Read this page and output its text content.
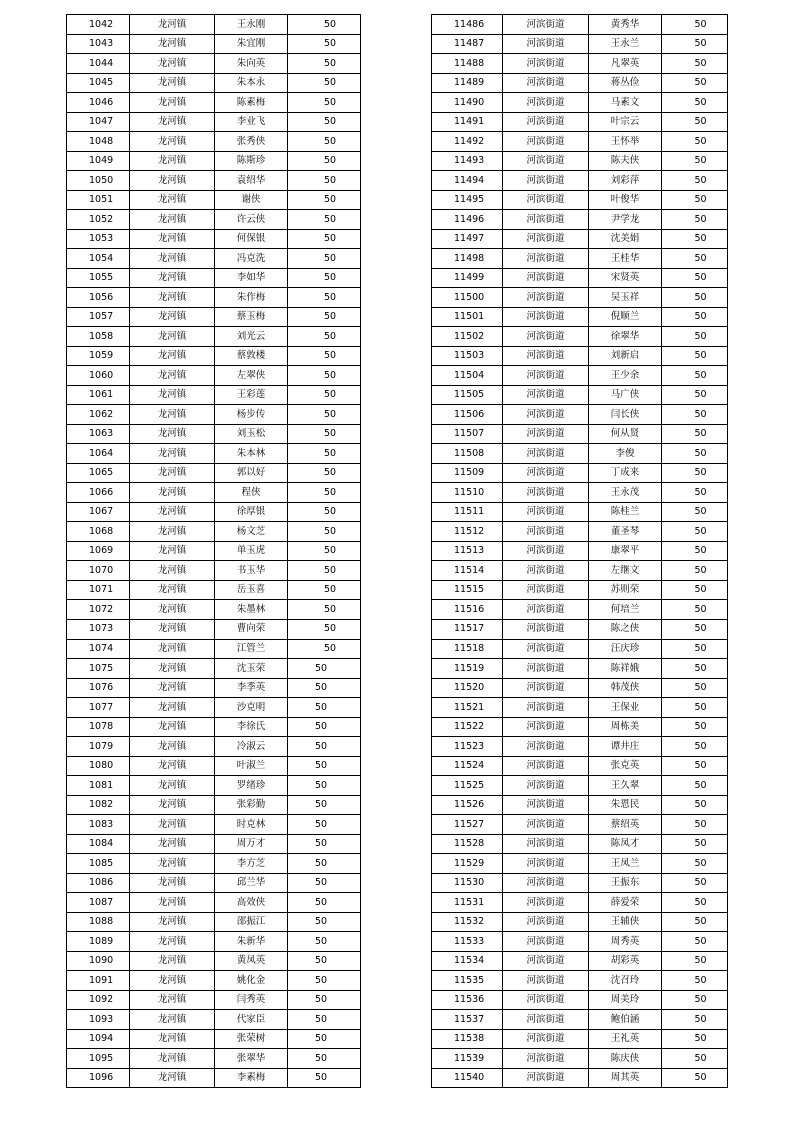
1042	龙河镇	王永刚	50
1043	龙河镇	朱宜刚	50
1044	龙河镇	朱向英	50
1045	龙河镇	朱本永	50
1046	龙河镇	陈素梅	50
1047	龙河镇	李业飞	50
1048	龙河镇	张秀侠	50
1049	龙河镇	陈斯珍	50
1050	龙河镇	袁绍华	50
1051	龙河镇	谢侠	50
1052	龙河镇	许云侠	50
1053	龙河镇	何保银	50
1054	龙河镇	冯克洗	50
1055	龙河镇	李如华	50
1056	龙河镇	朱作梅	50
1057	龙河镇	蔡玉梅	50
1058	龙河镇	刘光云	50
1059	龙河镇	蔡敦楼	50
1060	龙河镇	左翠侠	50
1061	龙河镇	王彩莲	50
1062	龙河镇	杨步传	50
1063	龙河镇	刘玉松	50
1064	龙河镇	朱本林	50
1065	龙河镇	郭以好	50
1066	龙河镇	程侠	50
1067	龙河镇	徐厚银	50
1068	龙河镇	杨文芝	50
1069	龙河镇	单玉虎	50
1070	龙河镇	书玉华	50
1071	龙河镇	岳玉喜	50
1072	龙河镇	朱墨林	50
1073	龙河镇	曹向荣	50
1074	龙河镇	江管兰	50
1075	龙河镇	沈玉荣	50
1076	龙河镇	李季英	50
1077	龙河镇	沙克明	50
1078	龙河镇	李徐氏	50
1079	龙河镇	冷淑云	50
1080	龙河镇	叶淑兰	50
1081	龙河镇	罗绪珍	50
1082	龙河镇	张彩勤	50
1083	龙河镇	时克林	50
1084	龙河镇	周万才	50
1085	龙河镇	李方芝	50
1086	龙河镇	邱兰华	50
1087	龙河镇	高效侠	50
1088	龙河镇	邵振江	50
1089	龙河镇	朱新华	50
1090	龙河镇	黄凤英	50
1091	龙河镇	姚化金	50
1092	龙河镇	闫秀英	50
1093	龙河镇	代家臣	50
1094	龙河镇	张荣树	50
1095	龙河镇	张翠华	50
1096	龙河镇	李素梅	50
11486	河滨街道	黄秀华	50
11487	河滨街道	王永兰	50
11488	河滨街道	凡翠英	50
11489	河滨街道	蒋丛俭	50
11490	河滨街道	马素文	50
11491	河滨街道	叶宗云	50
11492	河滨街道	王怀举	50
11493	河滨街道	陈夫侠	50
11494	河滨街道	刘彩萍	50
11495	河滨街道	叶俊华	50
11496	河滨街道	尹学龙	50
11497	河滨街道	沈美娟	50
11498	河滨街道	王桂华	50
11499	河滨街道	宋贤英	50
11500	河滨街道	吴玉祥	50
11501	河滨街道	倪顺兰	50
11502	河滨街道	徐翠华	50
11503	河滨街道	刘新启	50
11504	河滨街道	王少余	50
11505	河滨街道	马广侠	50
11506	河滨街道	闫长侠	50
11507	河滨街道	何从贤	50
11508	河滨街道	李俊	50
11509	河滨街道	丁成来	50
11510	河滨街道	王永茂	50
11511	河滨街道	陈桂兰	50
11512	河滨街道	董圣琴	50
11513	河滨街道	康翠平	50
11514	河滨街道	左继文	50
11515	河滨街道	苏则荣	50
11516	河滨街道	何培兰	50
11517	河滨街道	陈之侠	50
11518	河滨街道	汪庆珍	50
11519	河滨街道	陈祥娥	50
11520	河滨街道	韩茂侠	50
11521	河滨街道	王保业	50
11522	河滨街道	周栋美	50
11523	河滨街道	谭井庄	50
11524	河滨街道	张克英	50
11525	河滨街道	王久翠	50
11526	河滨街道	朱恩民	50
11527	河滨街道	蔡绍英	50
11528	河滨街道	陈凤才	50
11529	河滨街道	王凤兰	50
11530	河滨街道	王振东	50
11531	河滨街道	薛爱荣	50
11532	河滨街道	王辅侠	50
11533	河滨街道	周秀英	50
11534	河滨街道	胡彩英	50
11535	河滨街道	沈召玲	50
11536	河滨街道	周美玲	50
11537	河滨街道	鲍伯涵	50
11538	河滨街道	王礼英	50
11539	河滨街道	陈庆侠	50
11540	河滨街道	周其英	50
